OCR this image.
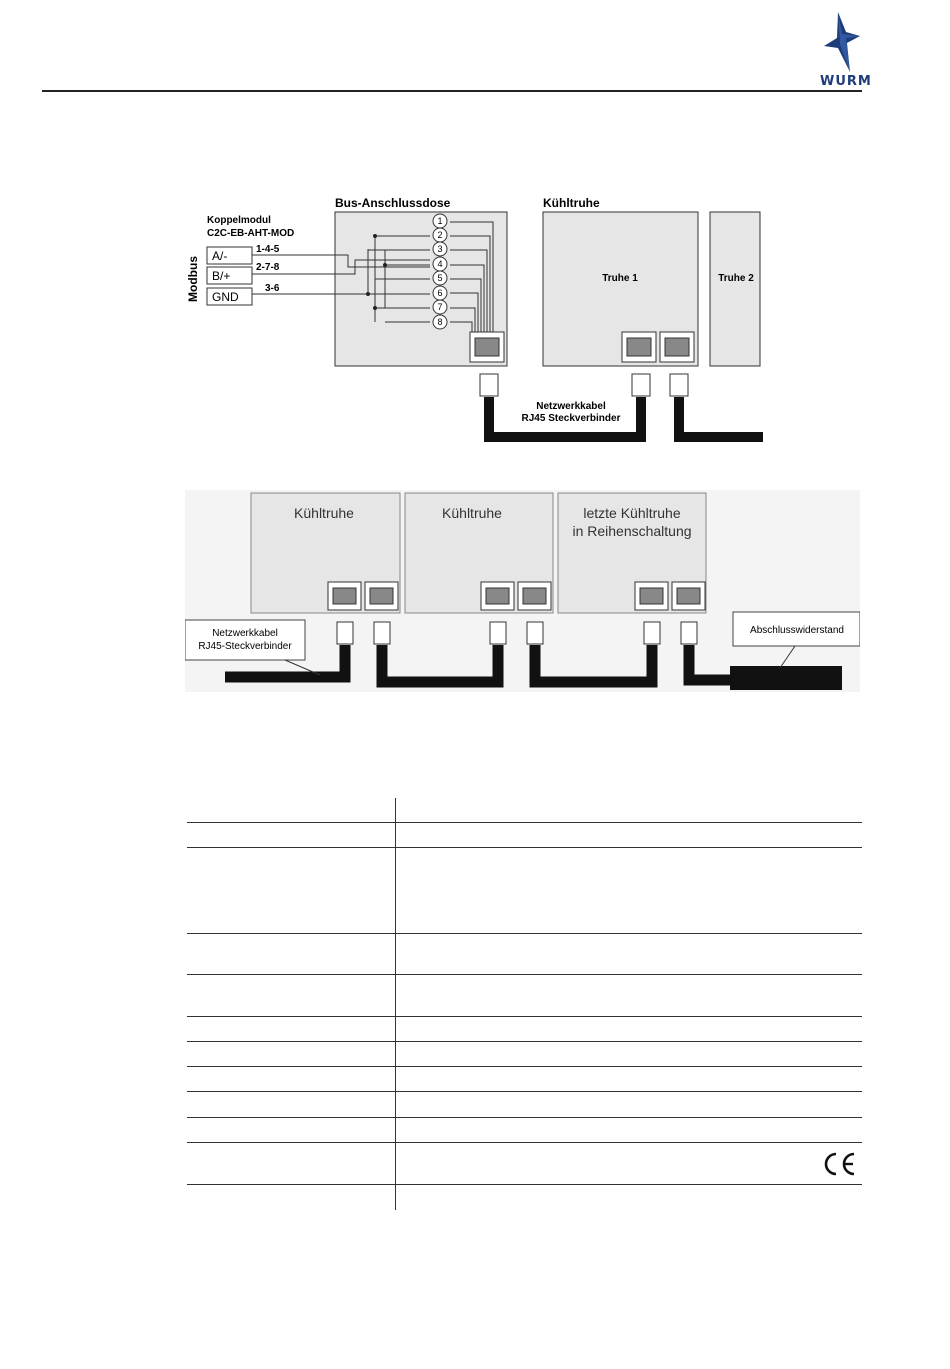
WURM
Koppelmodul
C2C-EB-AHT-MOD
Modbus A/-
B/+
GND
1-4-5
2-7-8
3-6
Bus-Anschlussdose
1
2
3
4
5
6
7
8
Kühltruhe
Truhe 1	Truhe 2
Netzwerkkabel
RJ45 Steckverbinder
Kühltruhe	Kühltruhe	letzte Kühltruhe
in Reihenschaltung
Netzwerkkabel
RJ45-Steckverbinder
Abschlusswiderstand
